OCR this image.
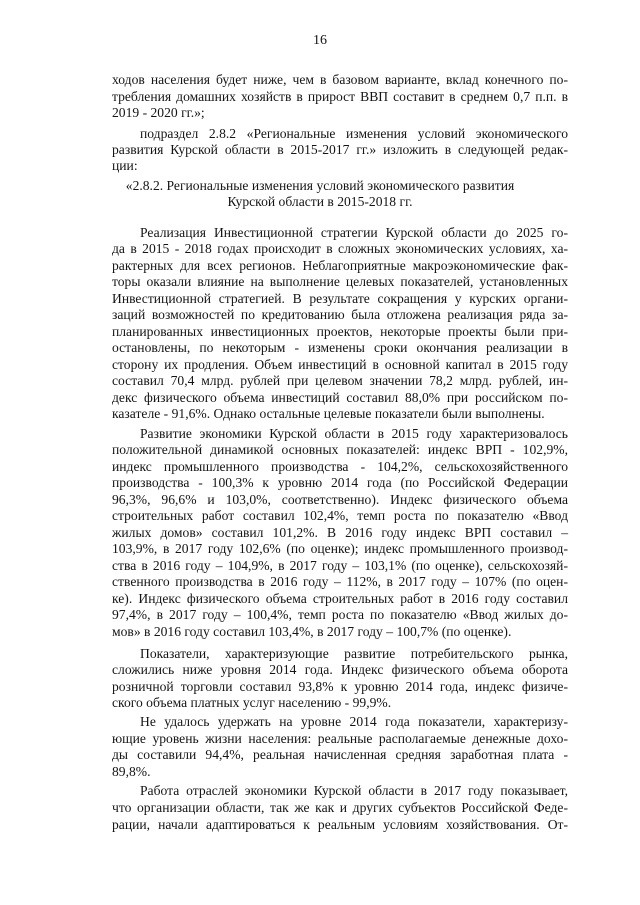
16
ходов населения будет ниже, чем в базовом варианте, вклад конечного по-
требления домашних хозяйств в прирост ВВП составит в среднем 0,7 п.п. в
2019 - 2020 гг.»;
подраздел 2.8.2 «Региональные изменения условий экономического
развития Курской области в 2015-2017 гг.» изложить в следующей редак-
ции:
«2.8.2. Региональные изменения условий экономического развития
Курской области в 2015-2018 гг.
Реализация Инвестиционной стратегии Курской области до 2025 го-
да в 2015 - 2018 годах происходит в сложных экономических условиях, ха-
рактерных для всех регионов. Неблагоприятные макроэкономические фак-
торы оказали влияние на выполнение целевых показателей, установленных
Инвестиционной стратегией. В результате сокращения у курских органи-
заций возможностей по кредитованию была отложена реализация ряда за-
планированных инвестиционных проектов, некоторые проекты были при-
остановлены, по некоторым - изменены сроки окончания реализации в
сторону их продления. Объем инвестиций в основной капитал в 2015 году
составил 70,4 млрд. рублей при целевом значении 78,2 млрд. рублей, ин-
декс физического объема инвестиций составил 88,0% при российском по-
казателе - 91,6%. Однако остальные целевые показатели были выполнены.
Развитие экономики Курской области в 2015 году характеризовалось
положительной динамикой основных показателей: индекс ВРП - 102,9%,
индекс промышленного производства - 104,2%, сельскохозяйственного
производства - 100,3% к уровню 2014 года (по Российской Федерации
96,3%, 96,6% и 103,0%, соответственно). Индекс физического объема
строительных работ составил 102,4%, темп роста по показателю «Ввод
жилых домов» составил 101,2%. В 2016 году индекс ВРП составил –
103,9%, в 2017 году 102,6% (по оценке); индекс промышленного производ-
ства в 2016 году – 104,9%, в 2017 году – 103,1% (по оценке), сельскохозяй-
ственного производства в 2016 году – 112%, в 2017 году – 107% (по оцен-
ке). Индекс физического объема строительных работ в 2016 году составил
97,4%, в 2017 году – 100,4%, темп роста по показателю «Ввод жилых до-
мов» в 2016 году составил 103,4%, в 2017 году – 100,7% (по оценке).
Показатели, характеризующие развитие потребительского рынка,
сложились ниже уровня 2014 года. Индекс физического объема оборота
розничной торговли составил 93,8% к уровню 2014 года, индекс физиче-
ского объема платных услуг населению - 99,9%.
Не удалось удержать на уровне 2014 года показатели, характеризу-
ющие уровень жизни населения: реальные располагаемые денежные дохо-
ды составили 94,4%, реальная начисленная средняя заработная плата -
89,8%.
Работа отраслей экономики Курской области в 2017 году показывает,
что организации области, так же как и других субъектов Российской Феде-
рации, начали адаптироваться к реальным условиям хозяйствования. От-
